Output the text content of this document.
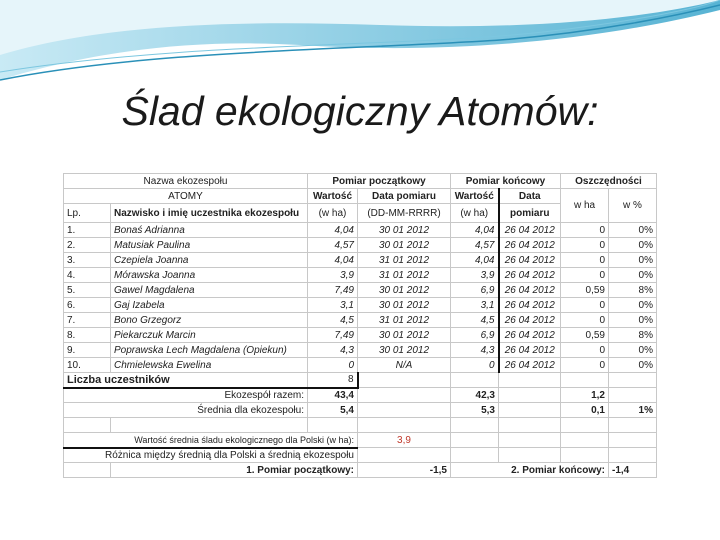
Ślad ekologiczny Atomów:
Nazwa ekozespołu		Pomiar początkowy		Pomiar końcowy		Oszczędności	
ATOMY		Wartość	Data pomiaru	Wartość	Data	w ha	w %
Lp.	Nazwisko i imię uczestnika ekozespołu	(w ha)	(DD-MM-RRRR)	(w ha)	pomiaru		
1.	Bonaś Adrianna	4,04	30 01 2012	4,04	26 04 2012	0	0%
2.	Matusiak Paulina	4,57	30 01 2012	4,57	26 04 2012	0	0%
3.	Czepiela Joanna	4,04	31 01 2012	4,04	26 04 2012	0	0%
4.	Mórawska Joanna	3,9	31 01 2012	3,9	26 04 2012	0	0%
5.	Gawel Magdalena	7,49	30 01 2012	6,9	26 04 2012	0,59	8%
6.	Gaj Izabela	3,1	30 01 2012	3,1	26 04 2012	0	0%
7.	Bono Grzegorz	4,5	31 01 2012	4,5	26 04 2012	0	0%
8.	Piekarczuk Marcin	7,49	30 01 2012	6,9	26 04 2012	0,59	8%
9.	Poprawska Lech Magdalena (Opiekun)	4,3	30 01 2012	4,3	26 04 2012	0	0%
10.	Chmielewska Ewelina	0	N/A	0	26 04 2012	0	0%
Liczba uczestników		8					
Ekozespół razem:		43,4		42,3		1,2	
Średnia dla ekozespołu:		5,4		5,3		0,1	1%

Wartość średnia śladu ekologicznego dla Polski (w ha):			3,9				
Różnica między średnią dla Polski a średnią ekozespołu							
	1. Pomiar początkowy:		-1,5	2. Pomiar końcowy:			-1,4
